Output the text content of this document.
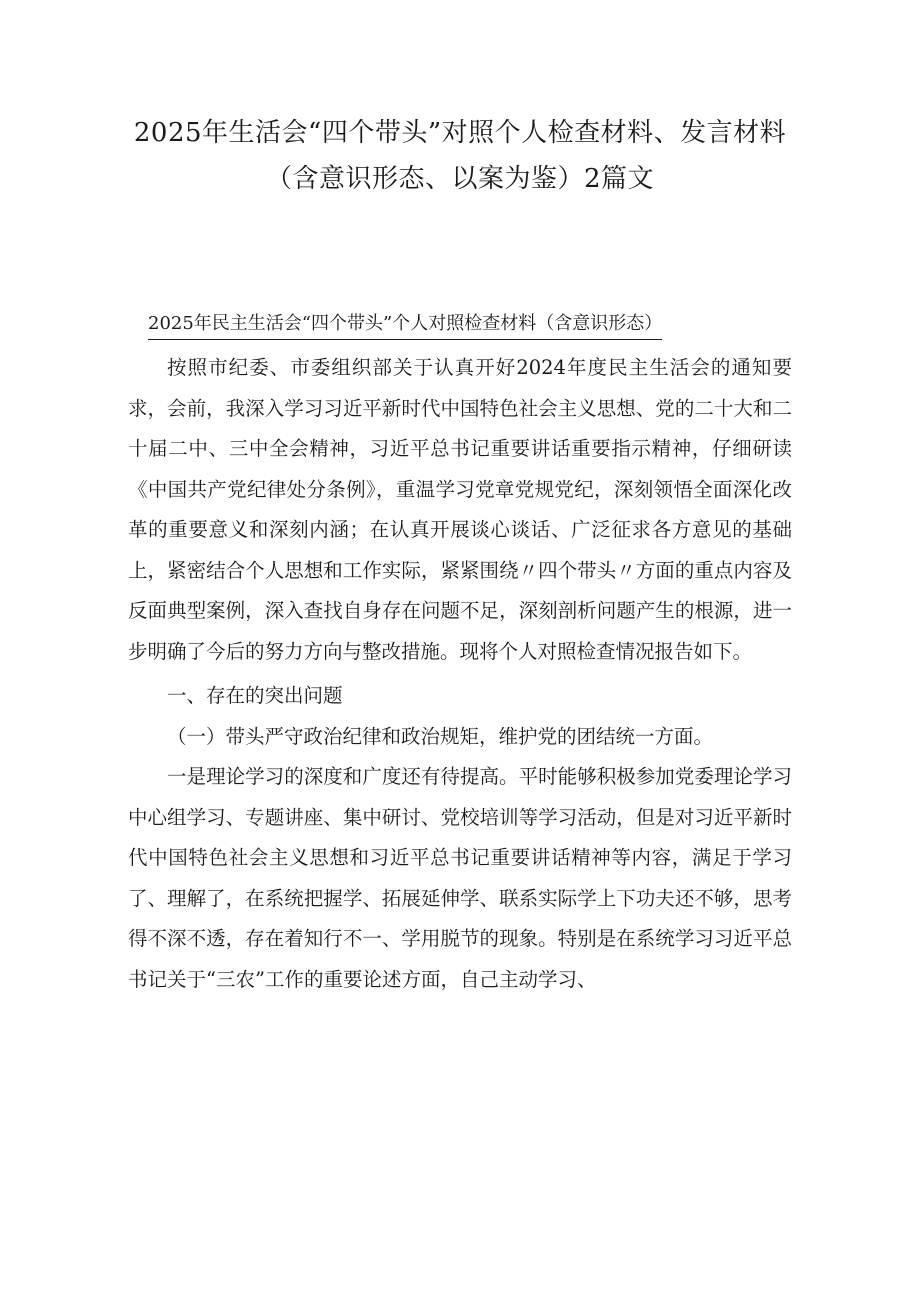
2025年生活会“四个带头”对照个人检查材料、发言材料（含意识形态、以案为鉴）2篇文
2025年民主生活会“四个带头”个人对照检查材料（含意识形态）

按照市纪委、市委组织部关于认真开好2024年度民主生活会的通知要求，会前，我深入学习习近平新时代中国特色社会主义思想、党的二十大和二十届二中、三中全会精神，习近平总书记重要讲话重要指示精神，仔细研读《中国共产党纪律处分条例》，重温学习党章党规党纪，深刻领悟全面深化改革的重要意义和深刻内涵；在认真开展谈心谈话、广泛征求各方意见的基础上，紧密结合个人思想和工作实际，紧紧围绕〃四个带头〃方面的重点内容及反面典型案例，深入查找自身存在问题不足，深刻剖析问题产生的根源，进一步明确了今后的努力方向与整改措施。现将个人对照检查情况报告如下。

一、存在的突出问题

（一）带头严守政治纪律和政治规矩，维护党的团结统一方面。

一是理论学习的深度和广度还有待提高。平时能够积极参加党委理论学习中心组学习、专题讲座、集中研讨、党校培训等学习活动，但是对习近平新时代中国特色社会主义思想和习近平总书记重要讲话精神等内容，满足于学习了、理解了，在系统把握学、拓展延伸学、联系实际学上下功夫还不够，思考得不深不透，存在着知行不一、学用脱节的现象。特别是在系统学习习近平总书记关于“三农”工作的重要论述方面，自己主动学习、
